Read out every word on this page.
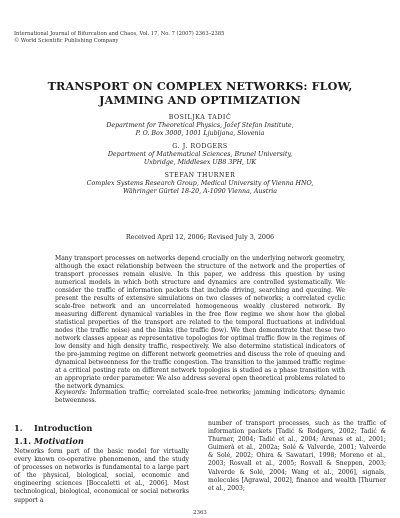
International Journal of Bifurcation and Chaos, Vol. 17, No. 7 (2007) 2363–2385
© World Scientific Publishing Company
TRANSPORT ON COMPLEX NETWORKS: FLOW, JAMMING AND OPTIMIZATION
BOSILJKA TADIĆ
Department for Theoretical Physics, Jožef Stefan Institute,
P. O. Box 3000, 1001 Ljubljana, Slovenia
G. J. RODGERS
Department of Mathematical Sciences, Brunel University,
Uxbridge, Middlesex UB8 3PH, UK
STEFAN THURNER
Complex Systems Research Group, Medical University of Vienna HNO,
Währinger Gürtel 18-20, A-1090 Vienna, Austria
Received April 12, 2006; Revised July 3, 2006
Many transport processes on networks depend crucially on the underlying network geometry, although the exact relationship between the structure of the network and the properties of transport processes remain elusive. In this paper, we address this question by using numerical models in which both structure and dynamics are controlled systematically. We consider the traffic of information packets that include driving, searching and queuing. We present the results of extensive simulations on two classes of networks; a correlated cyclic scale-free network and an uncorrelated homogeneous weakly clustered network. By measuring different dynamical variables in the free flow regime we show how the global statistical properties of the transport are related to the temporal fluctuations at individual nodes (the traffic noise) and the links (the traffic flow). We then demonstrate that these two network classes appear as representative topologies for optimal traffic flow in the regimes of low density and high density traffic, respectively. We also determine statistical indicators of the pre-jamming regime on different network geometries and discuss the role of queuing and dynamical betweenness for the traffic congestion. The transition to the jammed traffic regime at a critical posting rate on different network topologies is studied as a phase transition with an appropriate order parameter. We also address several open theoretical problems related to the network dynamics.
Keywords: Information traffic; correlated scale-free networks; jamming indicators; dynamic betweenness.
1. Introduction
1.1. Motivation
Networks form part of the basic model for virtually every known co-operative phenomenon, and the study of processes on networks is fundamental to a large part of the physical, biological, social, economic and engineering sciences [Boccaletti et al., 2006]. Most technological, biological, economical or social networks support a
number of transport processes, such as the traffic of information packets [Tadić & Rodgers, 2002; Tadić & Thurner, 2004; Tadić et al., 2004; Arenas et al., 2001; Guimerà et al., 2002a; Solé & Valverde, 2001; Valverde & Solé, 2002; Ohira & Sawatari, 1998; Moreno et al., 2003; Rosvall et al., 2005; Rosvall & Sneppen, 2003; Valverde & Solé, 2004; Wang et al., 2006], signals, molecules [Agrawal, 2002], finance and wealth [Thurner et al., 2003;
2363
